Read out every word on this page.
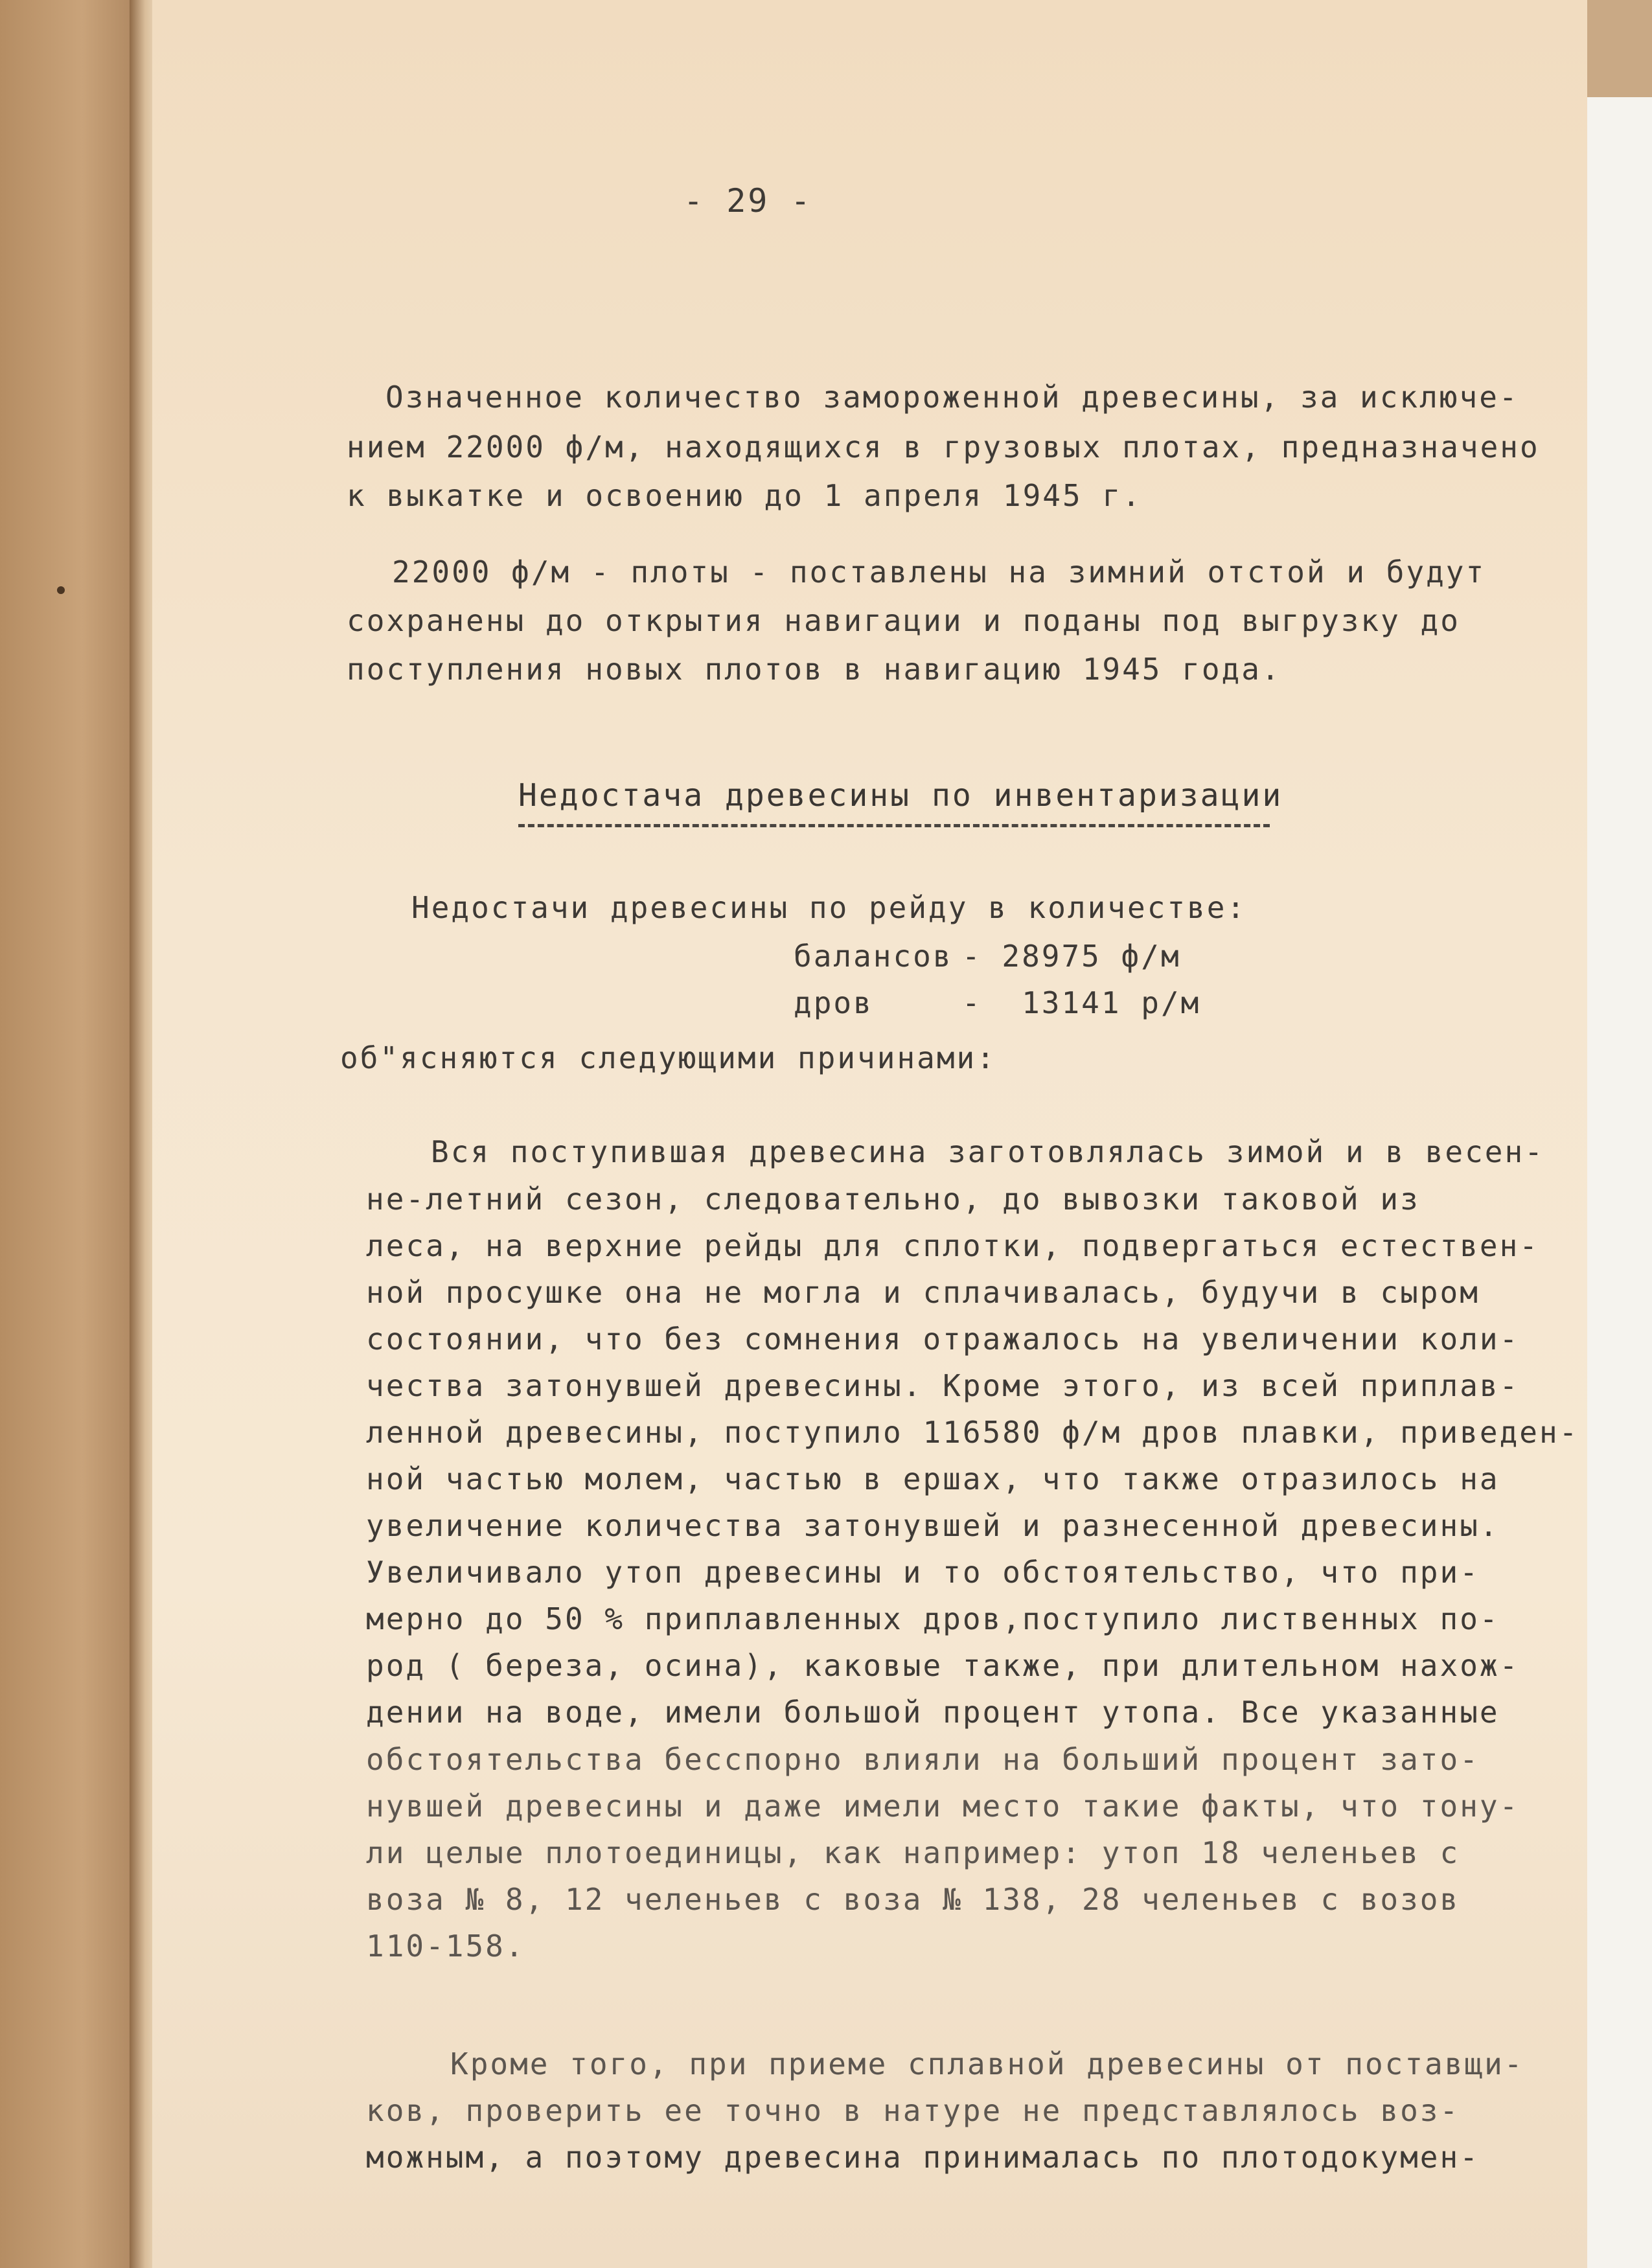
- 29 -
Означенное количество замороженной древесины, за исключе-
нием 22000 ф/м, находящихся в грузовых плотах, предназначено
к выкатке и освоению до 1 апреля 1945 г.
22000 ф/м - плоты - поставлены на зимний отстой и будут
сохранены до открытия навигации и поданы под выгрузку до
поступления новых плотов в навигацию 1945 года.
Недостача древесины по инвентаризации
Недостачи древесины по рейду в количестве:
балансов - 28975 ф/м
дров	-  13141 р/м
об"ясняются следующими причинами:
Вся поступившая древесина заготовлялась зимой и в весен-
не-летний сезон, следовательно, до вывозки таковой из
леса, на верхние рейды для сплотки, подвергаться естествен-
ной просушке она не могла и сплачивалась, будучи в сыром
состоянии, что без сомнения отражалось на увеличении коли-
чества затонувшей древесины. Кроме этого, из всей приплав-
ленной древесины, поступило 116580 ф/м дров плавки, приведен-
ной частью молем, частью в ершах, что также отразилось на
увеличение количества затонувшей и разнесенной древесины.
Увеличивало утоп древесины и то обстоятельство, что при-
мерно до 50 % приплавленных дров,поступило лиственных по-
род ( береза, осина), каковые также, при длительном нахож-
дении на воде, имели большой процент утопа. Все указанные
обстоятельства бесспорно влияли на больший процент зато-
нувшей древесины и даже имели место такие факты, что тону-
ли целые плотоединицы, как например: утоп 18 челеньев с
воза № 8, 12 челеньев с воза № 138, 28 челеньев с возов
110-158.
Кроме того, при приеме сплавной древесины от поставщи-
ков, проверить ее точно в натуре не представлялось воз-
можным, а поэтому древесина принималась по плотодокумен-
